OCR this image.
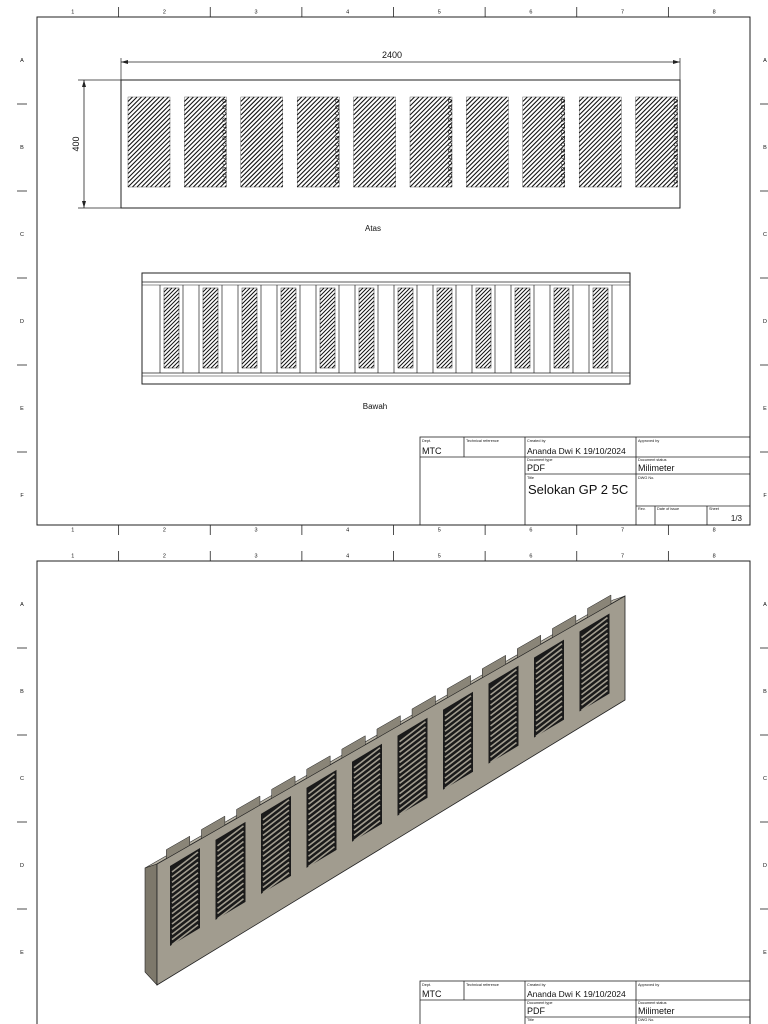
1
1
2
2
3
3
4
4
5
5
6
6
7
7
8
8
A	A
B	B
C	C
D	D
E	E
F	F
2400
400
Atas
Bawah
Dept.
MTC
Technical reference	Created by
Ananda Dwi K 19/10/2024
Approved by
Document type
PDF
Document status
Milimeter
Title
Selokan GP 2 5C
DWG No.
Rev.	Date of issue	Sheet
1/3
1	2	3	4	5	6	7	8
A	A
B	B
C	C
D	D
E	E
Dept.
MTC
Technical reference	Created by
Ananda Dwi K 19/10/2024
Approved by
Document type
PDF
Document status
Milimeter
Title	DWG No.
